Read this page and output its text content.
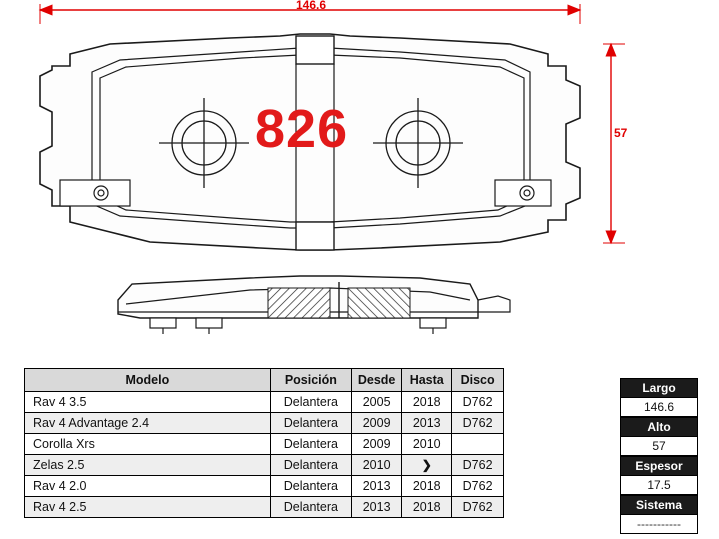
146.6
57
826
Modelo	Posición	Desde	Hasta	Disco
Rav 4 3.5	Delantera	2005	2018	D762
Rav 4 Advantage 2.4	Delantera	2009	2013	D762
Corolla Xrs	Delantera	2009	2010	
Zelas 2.5	Delantera	2010	❯	D762
Rav 4 2.0	Delantera	2013	2018	D762
Rav 4 2.5	Delantera	2013	2018	D762
Largo
146.6
Alto
57
Espesor
17.5
Sistema
-----------
